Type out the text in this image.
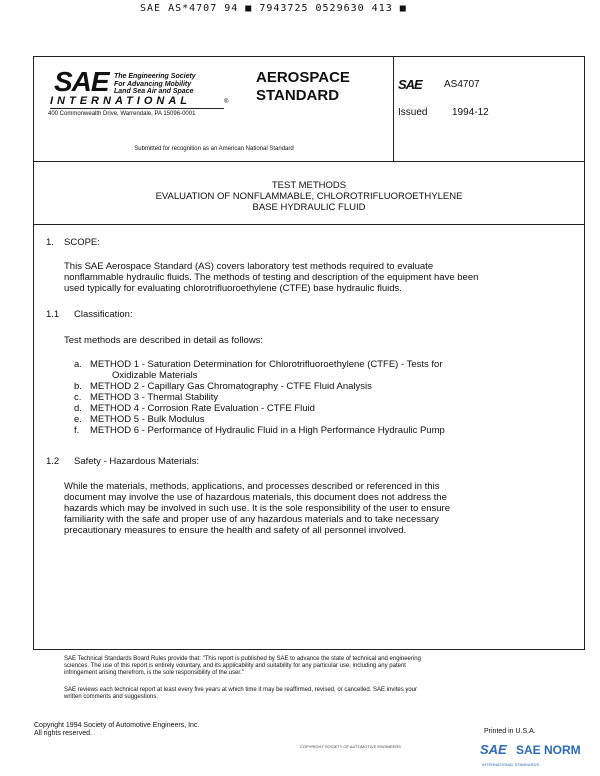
SAE AS*4707 94 ■ 7943725 0529630 413 ■
SAE The Engineering Society
For Advancing Mobility
Land Sea Air and Space
INTERNATIONAL	®
400 Commonwealth Drive, Warrendale, PA 15096-0001
AEROSPACE
STANDARD
SAE AS4707
Issued 1994-12
Submitted for recognition as an American National Standard
TEST METHODS
EVALUATION OF NONFLAMMABLE, CHLOROTRIFLUOROETHYLENE
BASE HYDRAULIC FLUID
1. SCOPE:
This SAE Aerospace Standard (AS) covers laboratory test methods required to evaluate
nonflammable hydraulic fluids. The methods of testing and description of the equipment have been
used typically for evaluating chlorotrifluoroethylene (CTFE) base hydraulic fluids.
1.1 Classification:
Test methods are described in detail as follows:
a. METHOD 1 - Saturation Determination for Chlorotrifluoroethylene (CTFE) - Tests for
Oxidizable Materials
b. METHOD 2 - Capillary Gas Chromatography - CTFE Fluid Analysis
c. METHOD 3 - Thermal Stability
d. METHOD 4 - Corrosion Rate Evaluation - CTFE Fluid
e. METHOD 5 - Bulk Modulus
f. METHOD 6 - Performance of Hydraulic Fluid in a High Performance Hydraulic Pump
1.2 Safety - Hazardous Materials:
While the materials, methods, applications, and processes described or referenced in this
document may involve the use of hazardous materials, this document does not address the
hazards which may be involved in such use. It is the sole responsibility of the user to ensure
familiarity with the safe and proper use of any hazardous materials and to take necessary
precautionary measures to ensure the health and safety of all personnel involved.
SAE Technical Standards Board Rules provide that: "This report is published by SAE to advance the state of technical and engineering
sciences. The use of this report is entirely voluntary, and its applicability and suitability for any particular use, including any patent
infringement arising therefrom, is the sole responsibility of the user."
SAE reviews each technical report at least every five years at which time it may be reaffirmed, revised, or cancelled. SAE invites your
written comments and suggestions.
Copyright 1994 Society of Automotive Engineers, Inc.
All rights reserved.	Printed in U.S.A.
COPYRIGHT SOCIETY OF AUTOMOTIVE ENGINEERS	SAE SAE NORM
INTERNATIONAL STANDARDS
